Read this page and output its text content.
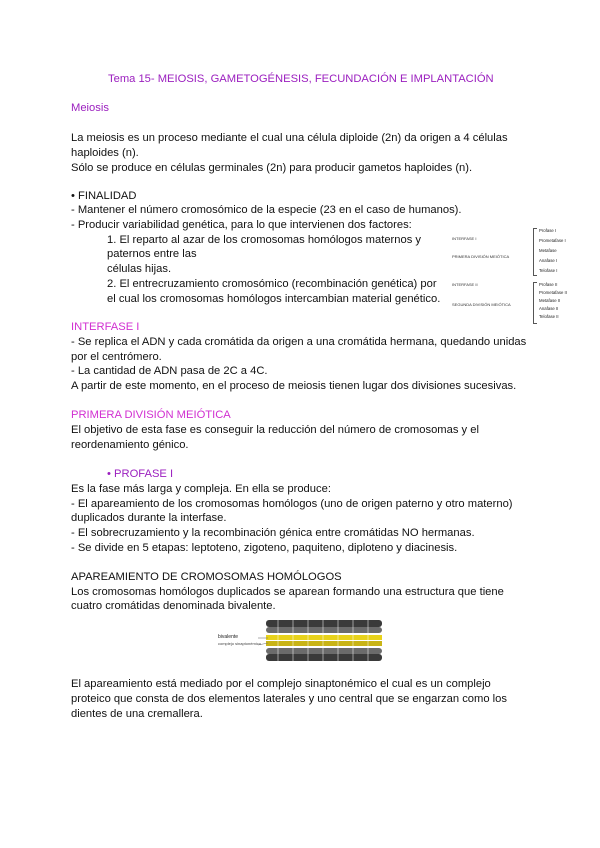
Tema 15- MEIOSIS, GAMETOGÉNESIS, FECUNDACIÓN E IMPLANTACIÓN
Meiosis
La meiosis es un proceso mediante el cual una célula diploide (2n) da origen a 4 células
haploides (n).
Sólo se produce en células germinales (2n) para producir gametos haploides (n).
• FINALIDAD
- Mantener el número cromosómico de la especie (23 en el caso de humanos).
- Producir variabilidad genética, para lo que intervienen dos factores:
1. El reparto al azar de los cromosomas homólogos maternos y
paternos entre las
células hijas.
2. El entrecruzamiento cromosómico (recombinación genética) por
el cual los cromosomas homólogos intercambian material genético.
INTERFASE I
PRIMERA DIVISIÓN MEIÓTICA
INTERFASE II
SEGUNDA DIVISIÓN MEIÓTICA
Profase I
Prometafase I
Metafase
Anafase I
Telofase I
Profase II
Prometafase II
Metafase II
Anafase II
Telofase II
INTERFASE I
- Se replica el ADN y cada cromátida da origen a una cromátida hermana, quedando unidas
por el centrómero.
- La cantidad de ADN pasa de 2C a 4C.
A partir de este momento, en el proceso de meiosis tienen lugar dos divisiones sucesivas.
PRIMERA DIVISIÓN MEIÓTICA
El objetivo de esta fase es conseguir la reducción del número de cromosomas y el
reordenamiento génico.
• PROFASE I
Es la fase más larga y compleja. En ella se produce:
- El apareamiento de los cromosomas homólogos (uno de origen paterno y otro materno)
duplicados durante la interfase.
- El sobrecruzamiento y la recombinación génica entre cromátidas NO hermanas.
- Se divide en 5 etapas: leptoteno, zigoteno, paquiteno, diploteno y diacinesis.
APAREAMIENTO DE CROMOSOMAS HOMÓLOGOS
Los cromosomas homólogos duplicados se aparean formando una estructura que tiene
cuatro cromátidas denominada bivalente.
bivalente
complejo sinaptonémico
El apareamiento está mediado por el complejo sinaptonémico el cual es un complejo
proteico que consta de dos elementos laterales y uno central que se engarzan como los
dientes de una cremallera.
